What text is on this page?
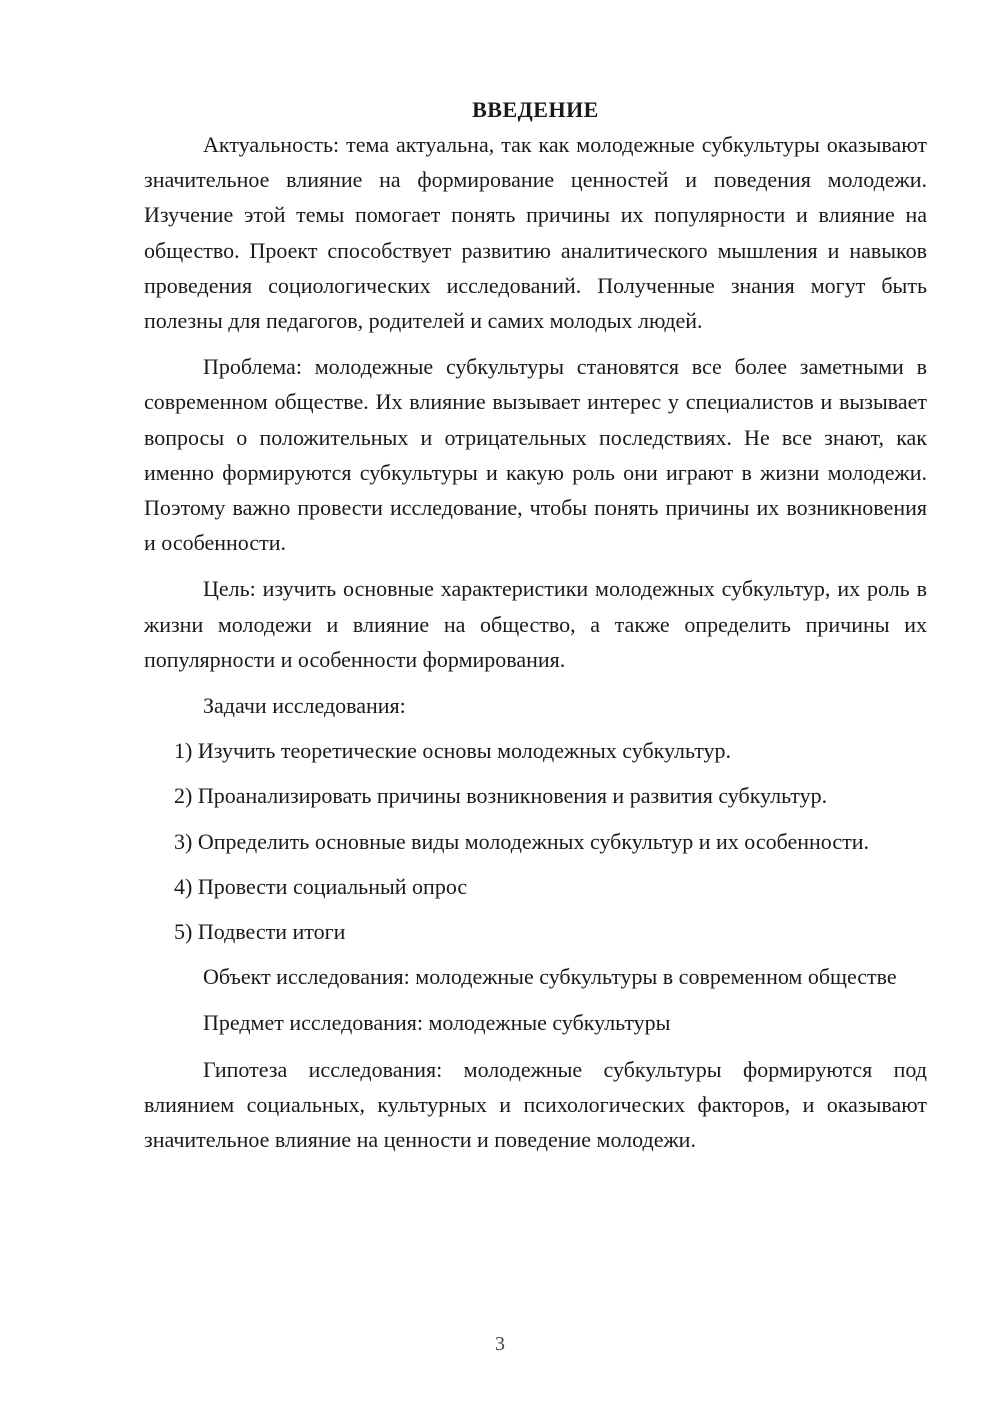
ВВЕДЕНИЕ

Актуальность: тема актуальна, так как молодежные субкультуры оказывают значительное влияние на формирование ценностей и поведения молодежи. Изучение этой темы помогает понять причины их популярности и влияние на общество. Проект способствует развитию аналитического мышления и навыков проведения социологических исследований. Полученные знания могут быть полезны для педагогов, родителей и самих молодых людей.

Проблема: молодежные субкультуры становятся все более заметными в современном обществе. Их влияние вызывает интерес у специалистов и вызывает вопросы о положительных и отрицательных последствиях. Не все знают, как именно формируются субкультуры и какую роль они играют в жизни молодежи. Поэтому важно провести исследование, чтобы понять причины их возникновения и особенности.

Цель: изучить основные характеристики молодежных субкультур, их роль в жизни молодежи и влияние на общество, а также определить причины их популярности и особенности формирования.

Задачи исследования:

1) Изучить теоретические основы молодежных субкультур.

2) Проанализировать причины возникновения и развития субкультур.

3) Определить основные виды молодежных субкультур и их особенности.

4) Провести социальный опрос

5) Подвести итоги

Объект исследования: молодежные субкультуры в современном обществе

Предмет исследования: молодежные субкультуры

Гипотеза исследования: молодежные субкультуры формируются под влиянием социальных, культурных и психологических факторов, и оказывают значительное влияние на ценности и поведение молодежи.

3
